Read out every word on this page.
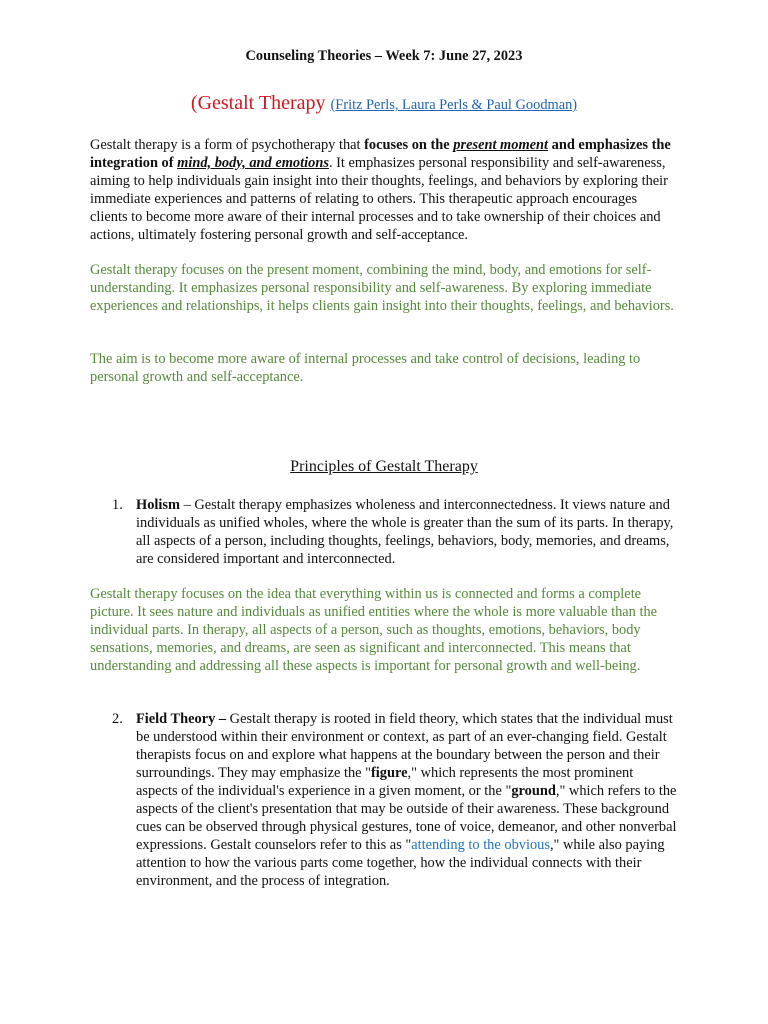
Counseling Theories – Week 7: June 27, 2023
(Gestalt Therapy (Fritz Perls, Laura Perls & Paul Goodman)

Gestalt therapy is a form of psychotherapy that focuses on the present moment and emphasizes the integration of mind, body, and emotions. It emphasizes personal responsibility and self-awareness, aiming to help individuals gain insight into their thoughts, feelings, and behaviors by exploring their immediate experiences and patterns of relating to others. This therapeutic approach encourages clients to become more aware of their internal processes and to take ownership of their choices and actions, ultimately fostering personal growth and self-acceptance.

Gestalt therapy focuses on the present moment, combining the mind, body, and emotions for self-understanding. It emphasizes personal responsibility and self-awareness. By exploring immediate experiences and relationships, it helps clients gain insight into their thoughts, feelings, and behaviors.

The aim is to become more aware of internal processes and take control of decisions, leading to personal growth and self-acceptance.

Principles of Gestalt Therapy
1. Holism – Gestalt therapy emphasizes wholeness and interconnectedness. It views nature and individuals as unified wholes, where the whole is greater than the sum of its parts. In therapy, all aspects of a person, including thoughts, feelings, behaviors, body, memories, and dreams, are considered important and interconnected.

Gestalt therapy focuses on the idea that everything within us is connected and forms a complete picture. It sees nature and individuals as unified entities where the whole is more valuable than the individual parts. In therapy, all aspects of a person, such as thoughts, emotions, behaviors, body sensations, memories, and dreams, are seen as significant and interconnected. This means that understanding and addressing all these aspects is important for personal growth and well-being.

2. Field Theory – Gestalt therapy is rooted in field theory, which states that the individual must be understood within their environment or context, as part of an ever-changing field. Gestalt therapists focus on and explore what happens at the boundary between the person and their surroundings. They may emphasize the "figure," which represents the most prominent aspects of the individual's experience in a given moment, or the "ground," which refers to the aspects of the client's presentation that may be outside of their awareness. These background cues can be observed through physical gestures, tone of voice, demeanor, and other nonverbal expressions. Gestalt counselors refer to this as "attending to the obvious," while also paying attention to how the various parts come together, how the individual connects with their environment, and the process of integration.
